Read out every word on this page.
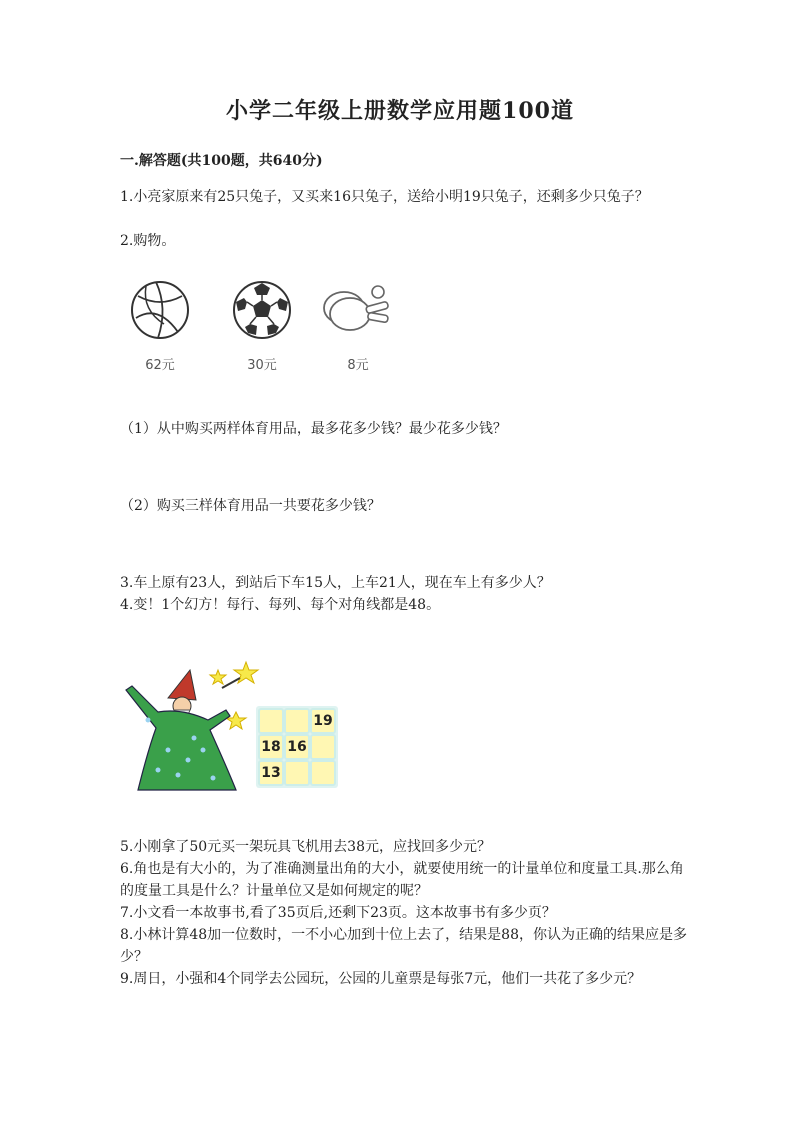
小学二年级上册数学应用题100道
一.解答题(共100题，共640分)
1.小亮家原来有25只兔子，又买来16只兔子，送给小明19只兔子，还剩多少只兔子？
2.购物。
62元	30元	8元
（1）从中购买两样体育用品，最多花多少钱？最少花多少钱？
（2）购买三样体育用品一共要花多少钱？
3.车上原有23人，到站后下车15人，上车21人，现在车上有多少人？
4.变！1个幻方！每行、每列、每个对角线都是48。
19
18 16
13
5.小刚拿了50元买一架玩具飞机用去38元，应找回多少元？
6.角也是有大小的，为了准确测量出角的大小，就要使用统一的计量单位和度量工具.那么角的度量工具是什么？计量单位又是如何规定的呢？
7.小文看一本故事书,看了35页后,还剩下23页。这本故事书有多少页？
8.小林计算48加一位数时，一不小心加到十位上去了，结果是88，你认为正确的结果应是多少？
9.周日，小强和4个同学去公园玩，公园的儿童票是每张7元，他们一共花了多少元？
